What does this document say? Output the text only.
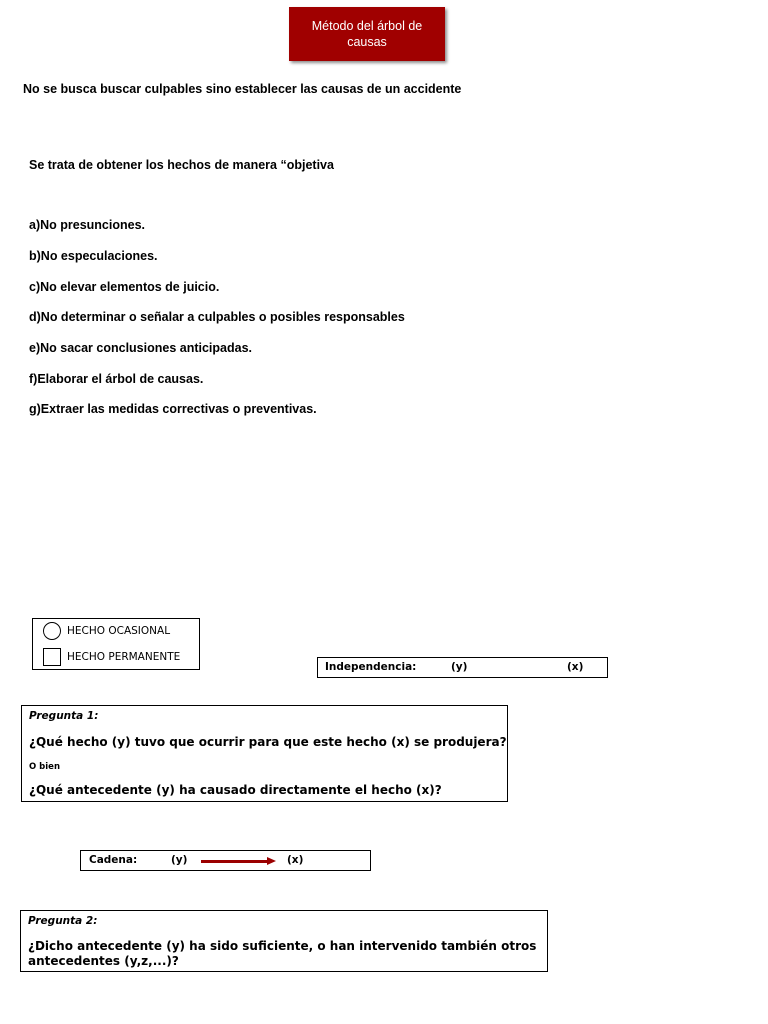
Método del árbol de causas
No se busca buscar culpables sino establecer las causas de un accidente
Se trata de obtener los hechos de manera “objetiva
a)No presunciones.
b)No especulaciones.
c)No elevar elementos de juicio.
d)No determinar o señalar a culpables o posibles responsables
e)No sacar conclusiones anticipadas.
f)Elaborar el árbol de causas.
g)Extraer las medidas correctivas o preventivas.
HECHO OCASIONAL
HECHO PERMANENTE
Independencia:	(y)	(x)
Pregunta 1:
¿Qué hecho (y) tuvo que ocurrir para que este hecho (x) se produjera?
O bien
¿Qué antecedente (y) ha causado directamente el hecho (x)?
Cadena:	(y)	(x)
Pregunta 2:
¿Dicho antecedente (y) ha sido suficiente, o han intervenido también otros
antecedentes (y,z,...)?
